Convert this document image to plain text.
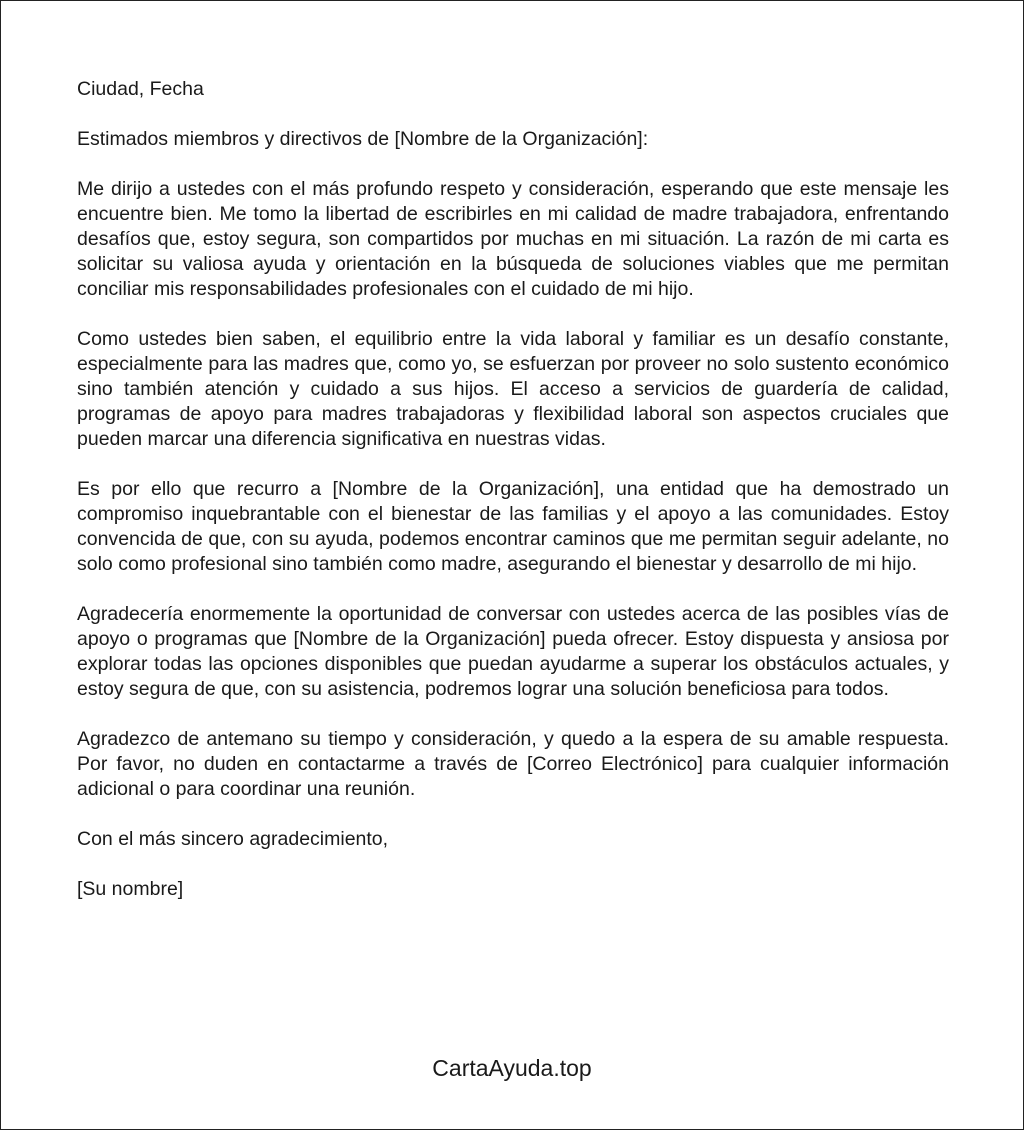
Ciudad, Fecha

Estimados miembros y directivos de [Nombre de la Organización]:

Me dirijo a ustedes con el más profundo respeto y consideración, esperando que este mensaje les encuentre bien. Me tomo la libertad de escribirles en mi calidad de madre trabajadora, enfrentando desafíos que, estoy segura, son compartidos por muchas en mi situación. La razón de mi carta es solicitar su valiosa ayuda y orientación en la búsqueda de soluciones viables que me permitan conciliar mis responsabilidades profesionales con el cuidado de mi hijo.

Como ustedes bien saben, el equilibrio entre la vida laboral y familiar es un desafío constante, especialmente para las madres que, como yo, se esfuerzan por proveer no solo sustento económico sino también atención y cuidado a sus hijos. El acceso a servicios de guardería de calidad, programas de apoyo para madres trabajadoras y flexibilidad laboral son aspectos cruciales que pueden marcar una diferencia significativa en nuestras vidas.

Es por ello que recurro a [Nombre de la Organización], una entidad que ha demostrado un compromiso inquebrantable con el bienestar de las familias y el apoyo a las comunidades. Estoy convencida de que, con su ayuda, podemos encontrar caminos que me permitan seguir adelante, no solo como profesional sino también como madre, asegurando el bienestar y desarrollo de mi hijo.

Agradecería enormemente la oportunidad de conversar con ustedes acerca de las posibles vías de apoyo o programas que [Nombre de la Organización] pueda ofrecer. Estoy dispuesta y ansiosa por explorar todas las opciones disponibles que puedan ayudarme a superar los obstáculos actuales, y estoy segura de que, con su asistencia, podremos lograr una solución beneficiosa para todos.

Agradezco de antemano su tiempo y consideración, y quedo a la espera de su amable respuesta. Por favor, no duden en contactarme a través de [Correo Electrónico] para cualquier información adicional o para coordinar una reunión.

Con el más sincero agradecimiento,

[Su nombre]

CartaAyuda.top
